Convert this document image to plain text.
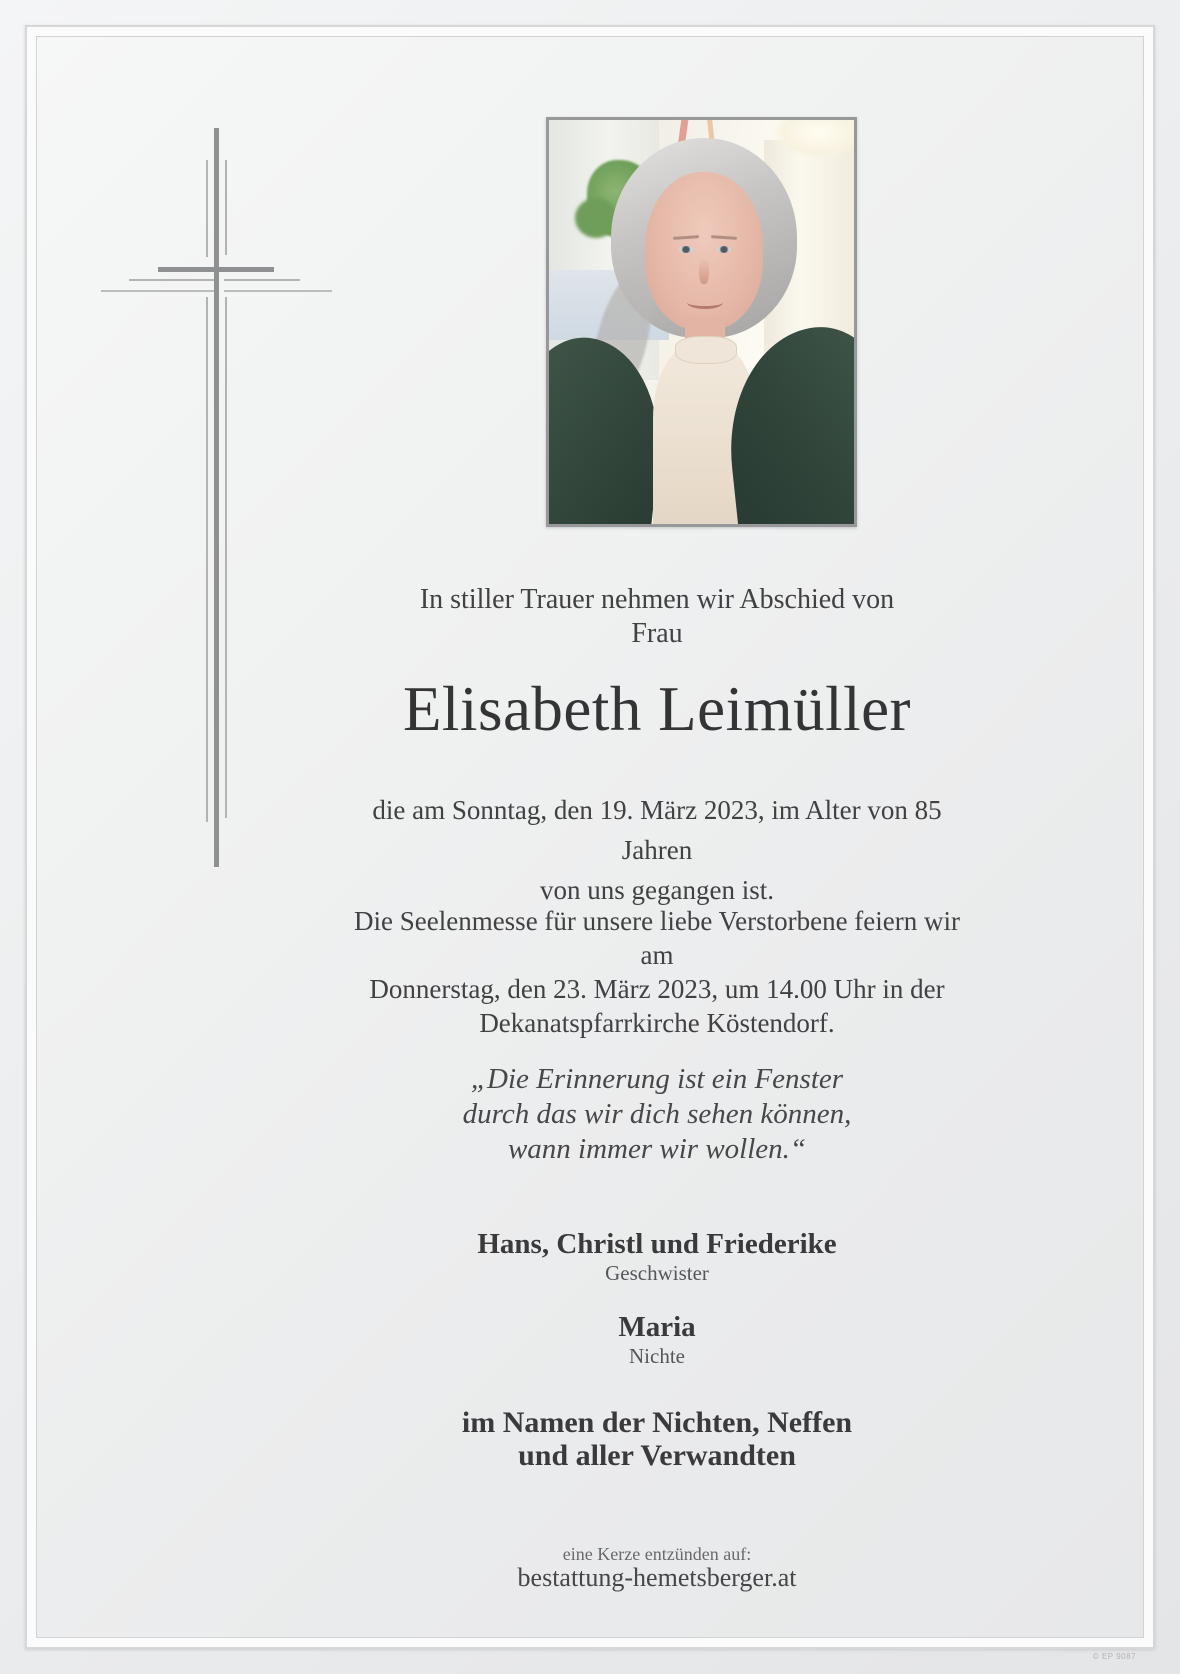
In stiller Trauer nehmen wir Abschied von
Frau
Elisabeth Leimüller
die am Sonntag, den 19. März 2023, im Alter von 85 Jahren
von uns gegangen ist.
Die Seelenmesse für unsere liebe Verstorbene feiern wir am
Donnerstag, den 23. März 2023, um 14.00 Uhr in der
Dekanatspfarrkirche Köstendorf.
„Die Erinnerung ist ein Fenster
durch das wir dich sehen können,
wann immer wir wollen.“
Hans, Christl und Friederike
Geschwister
Maria
Nichte
im Namen der Nichten, Neffen
und aller Verwandten
eine Kerze entzünden auf:
bestattung-hemetsberger.at
© EP 9087
